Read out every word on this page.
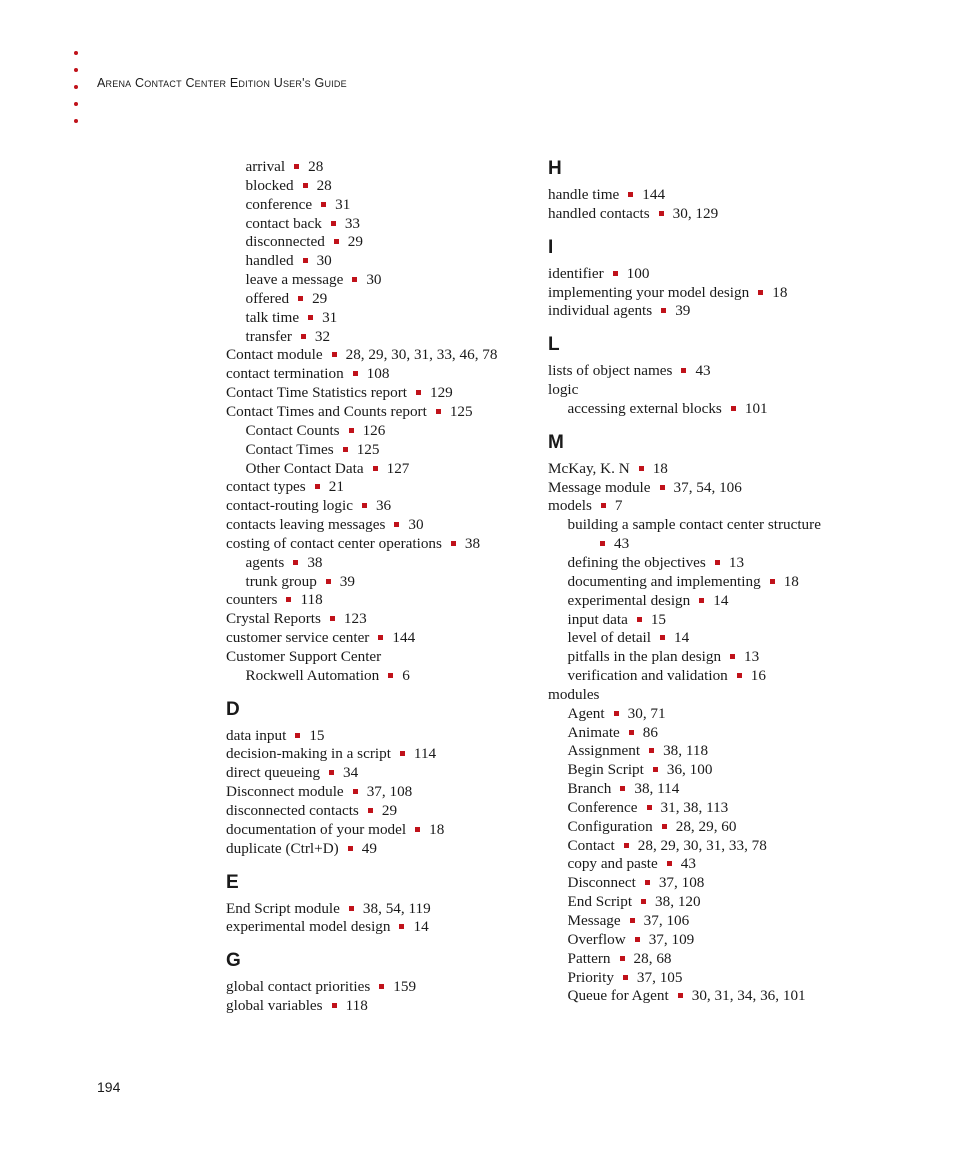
Arena Contact Center Edition User's Guide
arrival 28
blocked 28
conference 31
contact back 33
disconnected 29
handled 30
leave a message 30
offered 29
talk time 31
transfer 32
Contact module 28, 29, 30, 31, 33, 46, 78
contact termination 108
Contact Time Statistics report 129
Contact Times and Counts report 125
Contact Counts 126
Contact Times 125
Other Contact Data 127
contact types 21
contact-routing logic 36
contacts leaving messages 30
costing of contact center operations 38
agents 38
trunk group 39
counters 118
Crystal Reports 123
customer service center 144
Customer Support Center
Rockwell Automation 6
D
data input 15
decision-making in a script 114
direct queueing 34
Disconnect module 37, 108
disconnected contacts 29
documentation of your model 18
duplicate (Ctrl+D) 49
E
End Script module 38, 54, 119
experimental model design 14
G
global contact priorities 159
global variables 118
H
handle time 144
handled contacts 30, 129
I
identifier 100
implementing your model design 18
individual agents 39
L
lists of object names 43
logic
accessing external blocks 101
M
McKay, K. N 18
Message module 37, 54, 106
models 7
building a sample contact center structure
43
defining the objectives 13
documenting and implementing 18
experimental design 14
input data 15
level of detail 14
pitfalls in the plan design 13
verification and validation 16
modules
Agent 30, 71
Animate 86
Assignment 38, 118
Begin Script 36, 100
Branch 38, 114
Conference 31, 38, 113
Configuration 28, 29, 60
Contact 28, 29, 30, 31, 33, 78
copy and paste 43
Disconnect 37, 108
End Script 38, 120
Message 37, 106
Overflow 37, 109
Pattern 28, 68
Priority 37, 105
Queue for Agent 30, 31, 34, 36, 101
194
